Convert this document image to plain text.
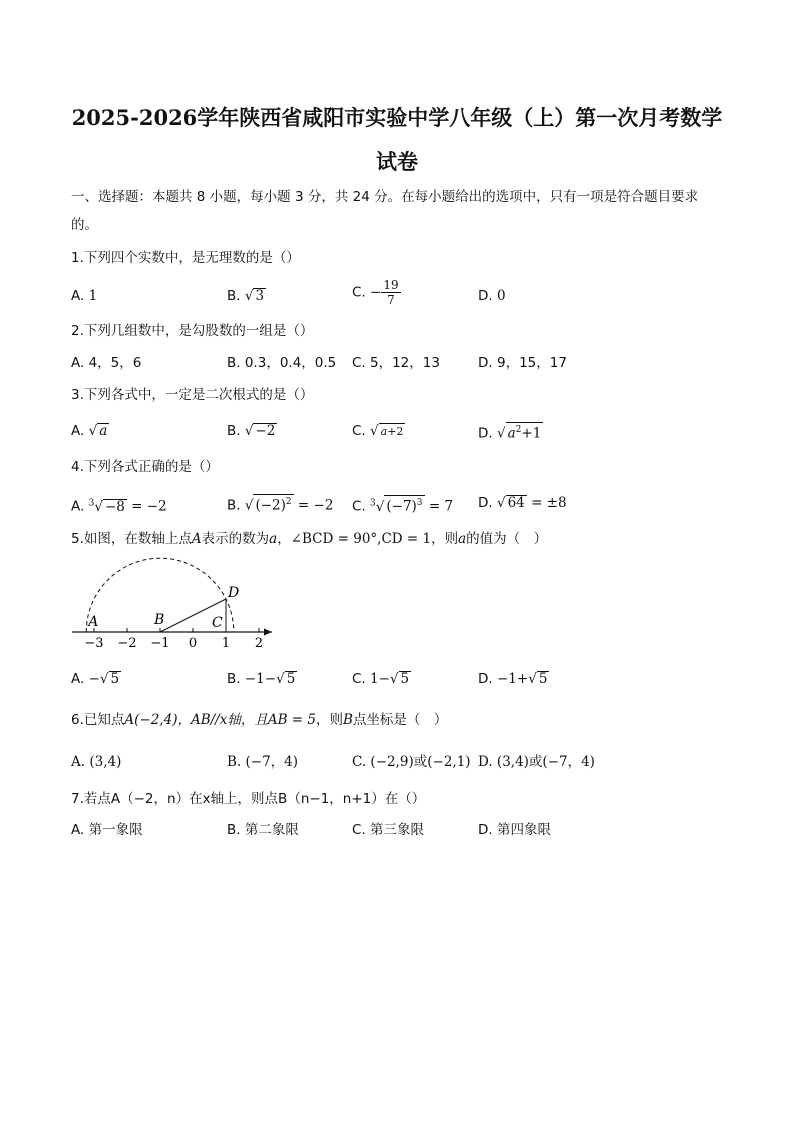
2025-2026学年陕西省咸阳市实验中学八年级（上）第一次月考数学
试卷
一、选择题：本题共 8 小题，每小题 3 分，共 24 分。在每小题给出的选项中，只有一项是符合题目要求
的。
1.下列四个实数中，是无理数的是（）
A. 1	B. √ 3	C. − $\frac{19}{7}$	D. 0
2.下列几组数中，是勾股数的一组是（）
A. 4，5，6	B. 0.3，0.4，0.5 C. 5，12，13	D. 9，15，17
3.下列各式中，一定是二次根式的是（）
A. √ a	B. √ −2	C. √ a+2	D. √ $a^2+1$
4.下列各式正确的是（）
A. $^3$√ −8 = −2	B. √ $(-2)^2 = -2$ C. $^3$√ $(-7)^3 = 7$ D. √ 64 = ±8
5.如图，在数轴上点A表示的数为a，∠BCD = 90°,CD = 1，则a的值为（　）
−3 −2 −1 0 1 2
A	B	C
D
A. −√ 5	B. −1−√ 5	C. 1−√ 5	D. −1+√ 5
6.已知点A(−2,4)，AB//x轴，且AB = 5，则B点坐标是（　）
A. (3,4)	B. (−7，4)	C. (−2,9)或(−2,1) D. (3,4)或(−7，4)
7.若点A（−2，n）在x轴上，则点B（n−1，n+1）在（）
A. 第一象限	B. 第二象限	C. 第三象限	D. 第四象限
